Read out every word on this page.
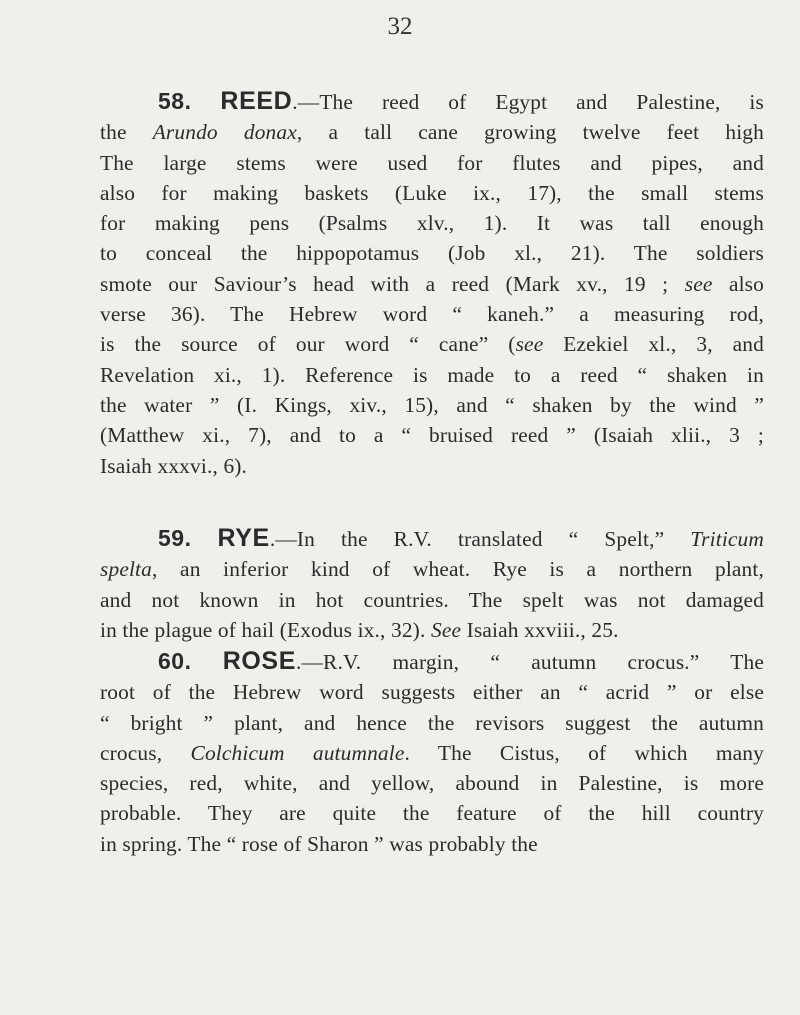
32
58. REED.—The reed of Egypt and Palestine, is
the Arundo donax, a tall cane growing twelve feet high
The large stems were used for flutes and pipes, and
also for making baskets (Luke ix., 17), the small stems
for making pens (Psalms xlv., 1). It was tall enough
to conceal the hippopotamus (Job xl., 21). The soldiers
smote our Saviour’s head with a reed (Mark xv., 19 ; see also
verse 36). The Hebrew word “ kaneh.” a measuring rod,
is the source of our word “ cane” (see Ezekiel xl., 3, and
Revelation xi., 1). Reference is made to a reed “ shaken in
the water ” (I. Kings, xiv., 15), and “ shaken by the wind ”
(Matthew xi., 7), and to a “ bruised reed ” (Isaiah xlii., 3 ;
Isaiah xxxvi., 6).
59. RYE.—In the R.V. translated “ Spelt,” Triticum
spelta, an inferior kind of wheat. Rye is a northern plant,
and not known in hot countries. The spelt was not damaged
in the plague of hail (Exodus ix., 32). See Isaiah xxviii., 25.
60. ROSE.—R.V. margin, “ autumn crocus.” The
root of the Hebrew word suggests either an “ acrid ” or else
“ bright ” plant, and hence the revisors suggest the autumn
crocus, Colchicum autumnale. The Cistus, of which many
species, red, white, and yellow, abound in Palestine, is more
probable. They are quite the feature of the hill country
in spring. The “ rose of Sharon ” was probably the
